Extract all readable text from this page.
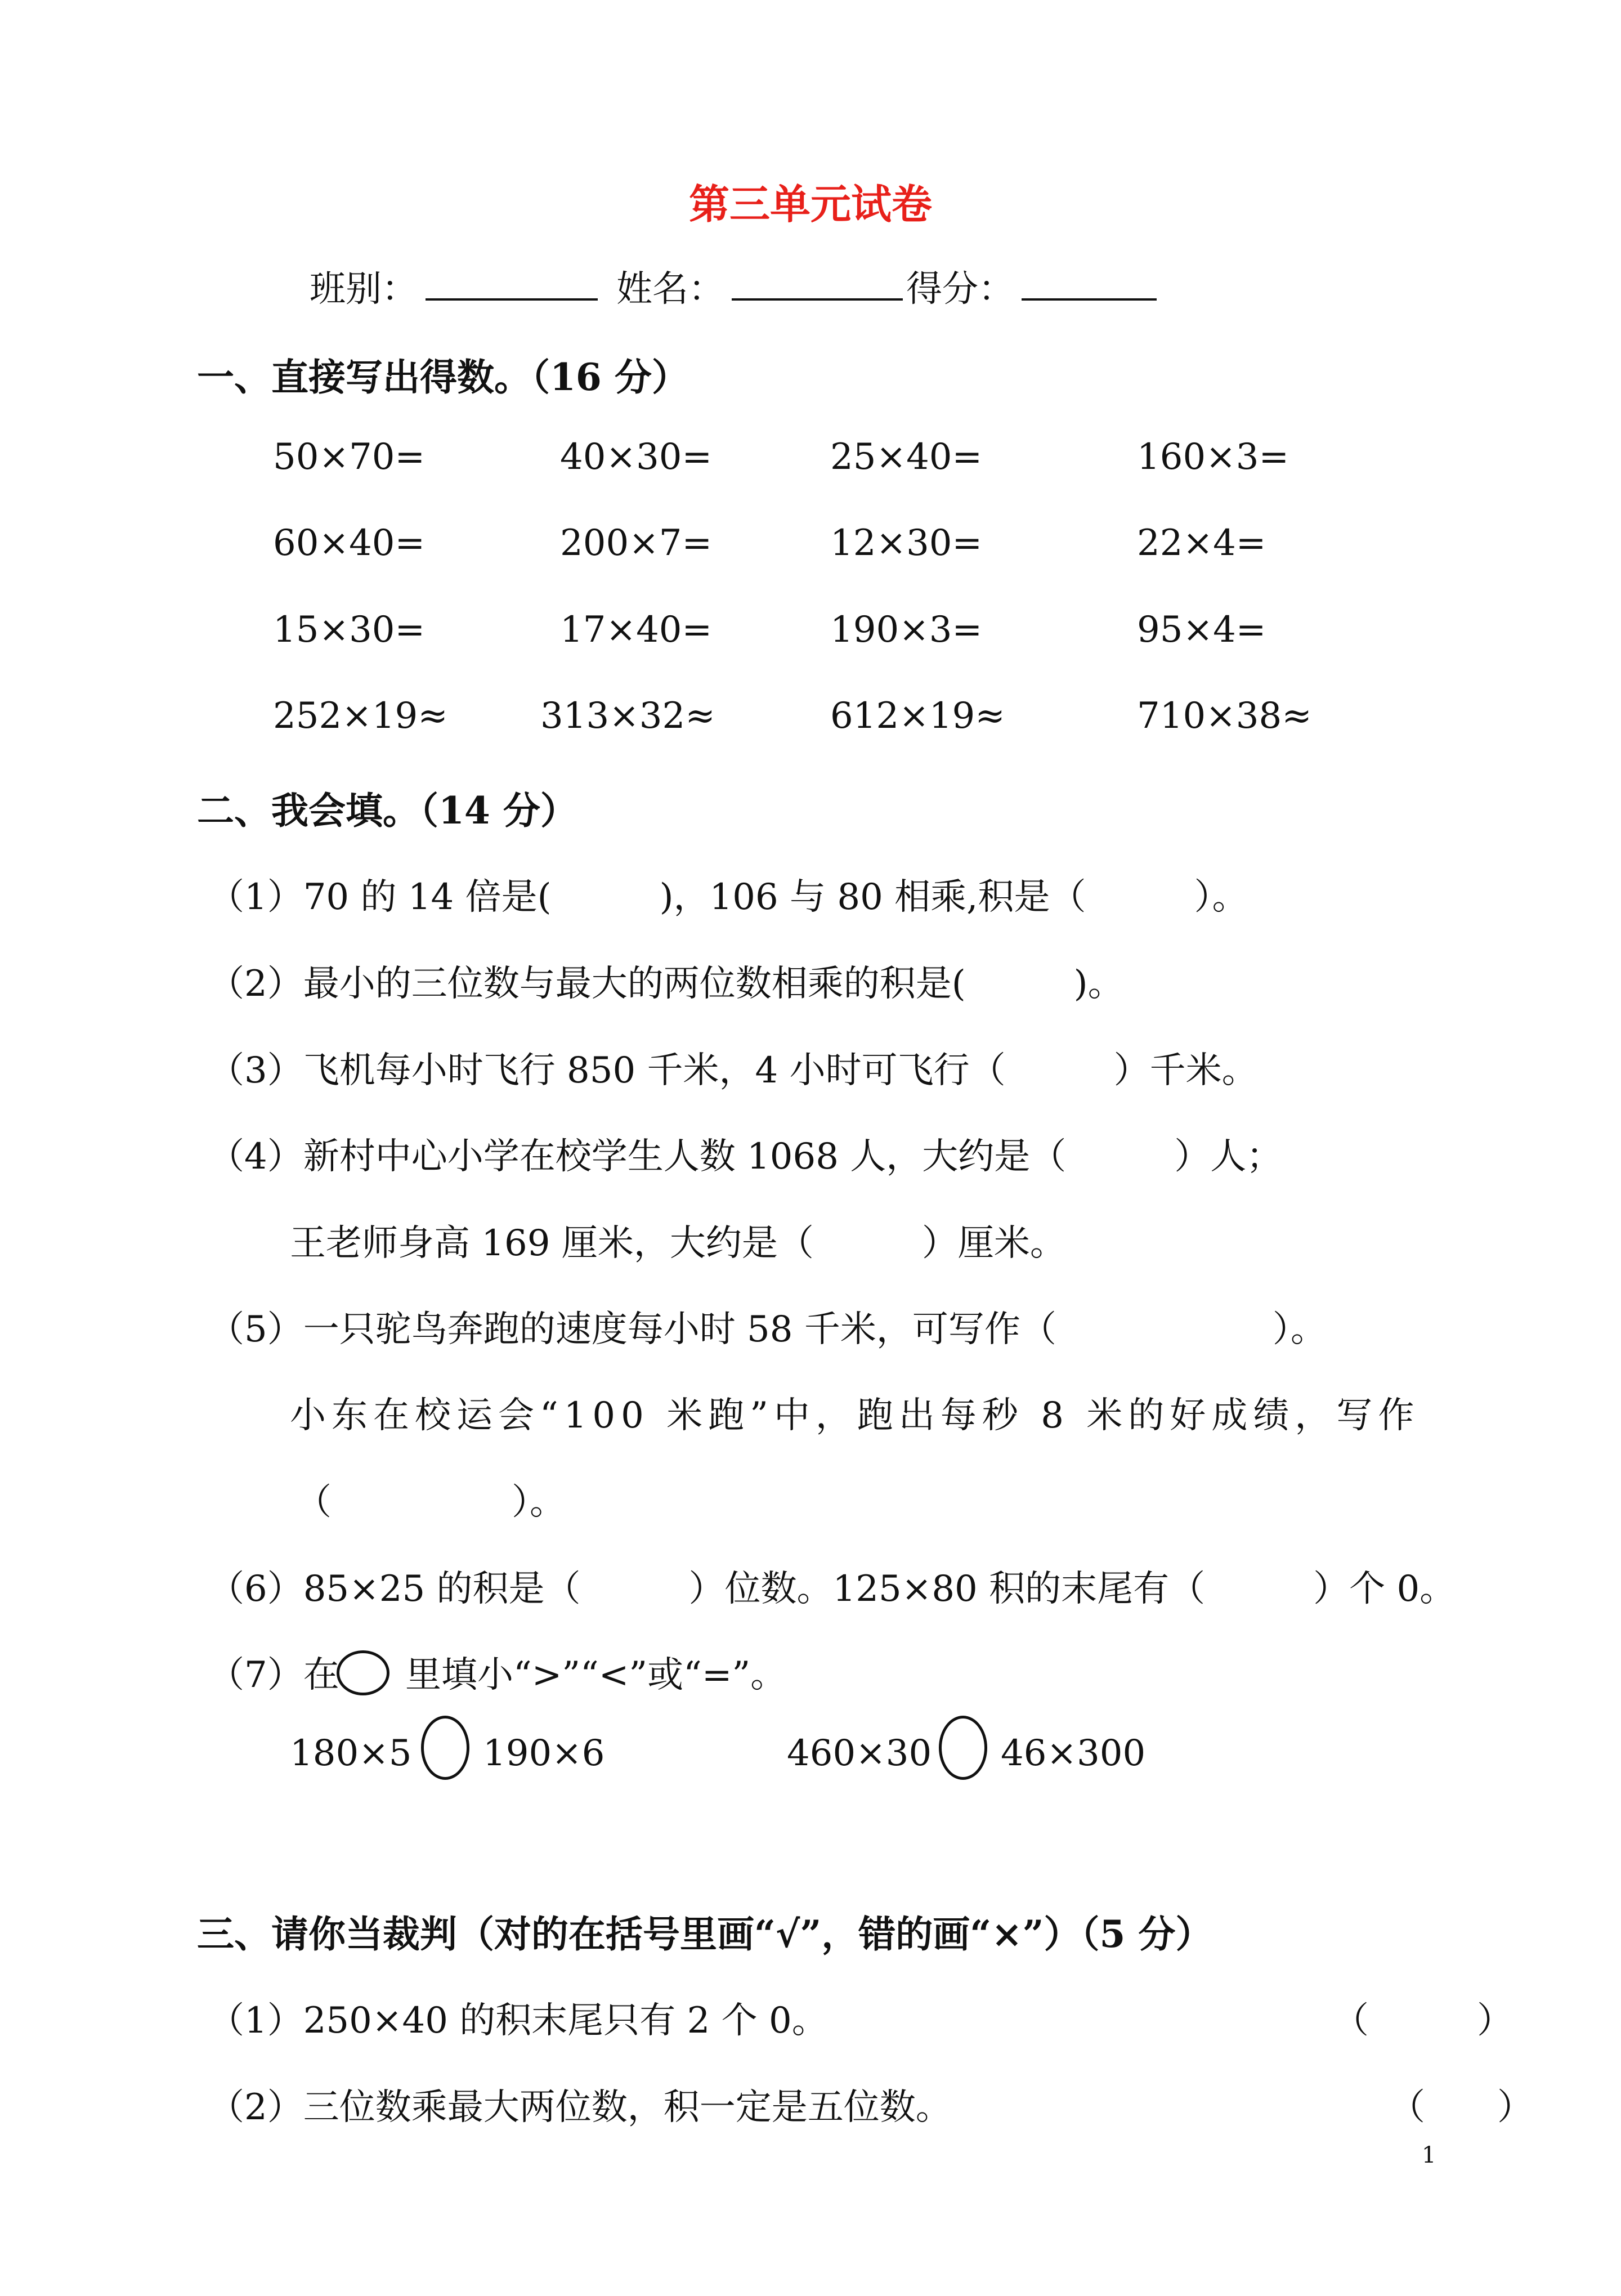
第三单元试卷
班别：	姓名：	得分：
一、直接写出得数。（16 分）
50×70=	40×30=	25×40=	160×3=
60×40=	200×7=	12×30=	22×4=
15×30=	17×40=	190×3=	95×4=
252×19≈	313×32≈	612×19≈	710×38≈
二、我会填。（14 分）
（1）70 的 14 倍是(　　　)，106 与 80 相乘,积是（　　　）。
（2）最小的三位数与最大的两位数相乘的积是(　　　)。
（3）飞机每小时飞行 850 千米，4 小时可飞行（　　　）千米。
（4）新村中心小学在校学生人数 1068 人，大约是（　　　）人；
王老师身高 169 厘米，大约是（　　　）厘米。
（5）一只驼鸟奔跑的速度每小时 58 千米，可写作（　　　　　　）。
小东在校运会“100 米跑”中，跑出每秒 8 米的好成绩，写作
（　　　　　）。
（6）85×25 的积是（　　　）位数。125×80 积的末尾有（　　　）个 0。
（7）在 里填小“>”“<”或“=”。
180×5 190×6	460×30 46×300
三、请你当裁判（对的在括号里画“√”，错的画“×”）（5 分）
（1）250×40 的积末尾只有 2 个 0。	（　　　）
（2）三位数乘最大两位数，积一定是五位数。	（　　）
1
